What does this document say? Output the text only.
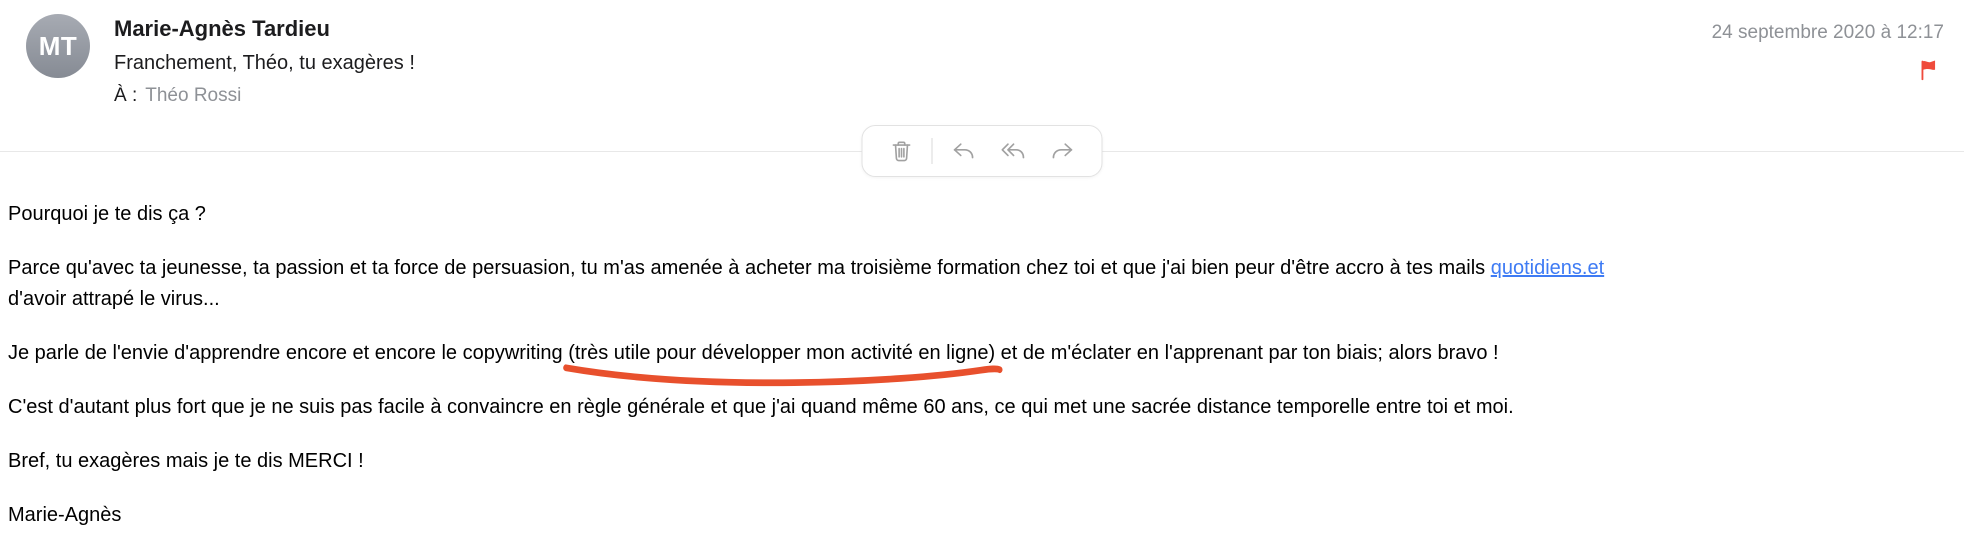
MT
Marie-Agnès Tardieu
Franchement, Théo, tu exagères !
À : Théo Rossi
24 septembre 2020 à 12:17

Pourquoi je te dis ça ?

Parce qu'avec ta jeunesse, ta passion et ta force de persuasion, tu m'as amenée à acheter ma troisième formation chez toi et que j'ai bien peur d'être accro à tes mails quotidiens.et
d'avoir attrapé le virus...

Je parle de l'envie d'apprendre encore et encore le copywriting (très utile pour développer mon activité en ligne)
et de m'éclater en l'apprenant par ton biais; alors bravo !

C'est d'autant plus fort que je ne suis pas facile à convaincre en règle générale et que j'ai quand même 60 ans, ce qui met une sacrée distance temporelle entre toi et moi.

Bref, tu exagères mais je te dis MERCI !

Marie-Agnès
